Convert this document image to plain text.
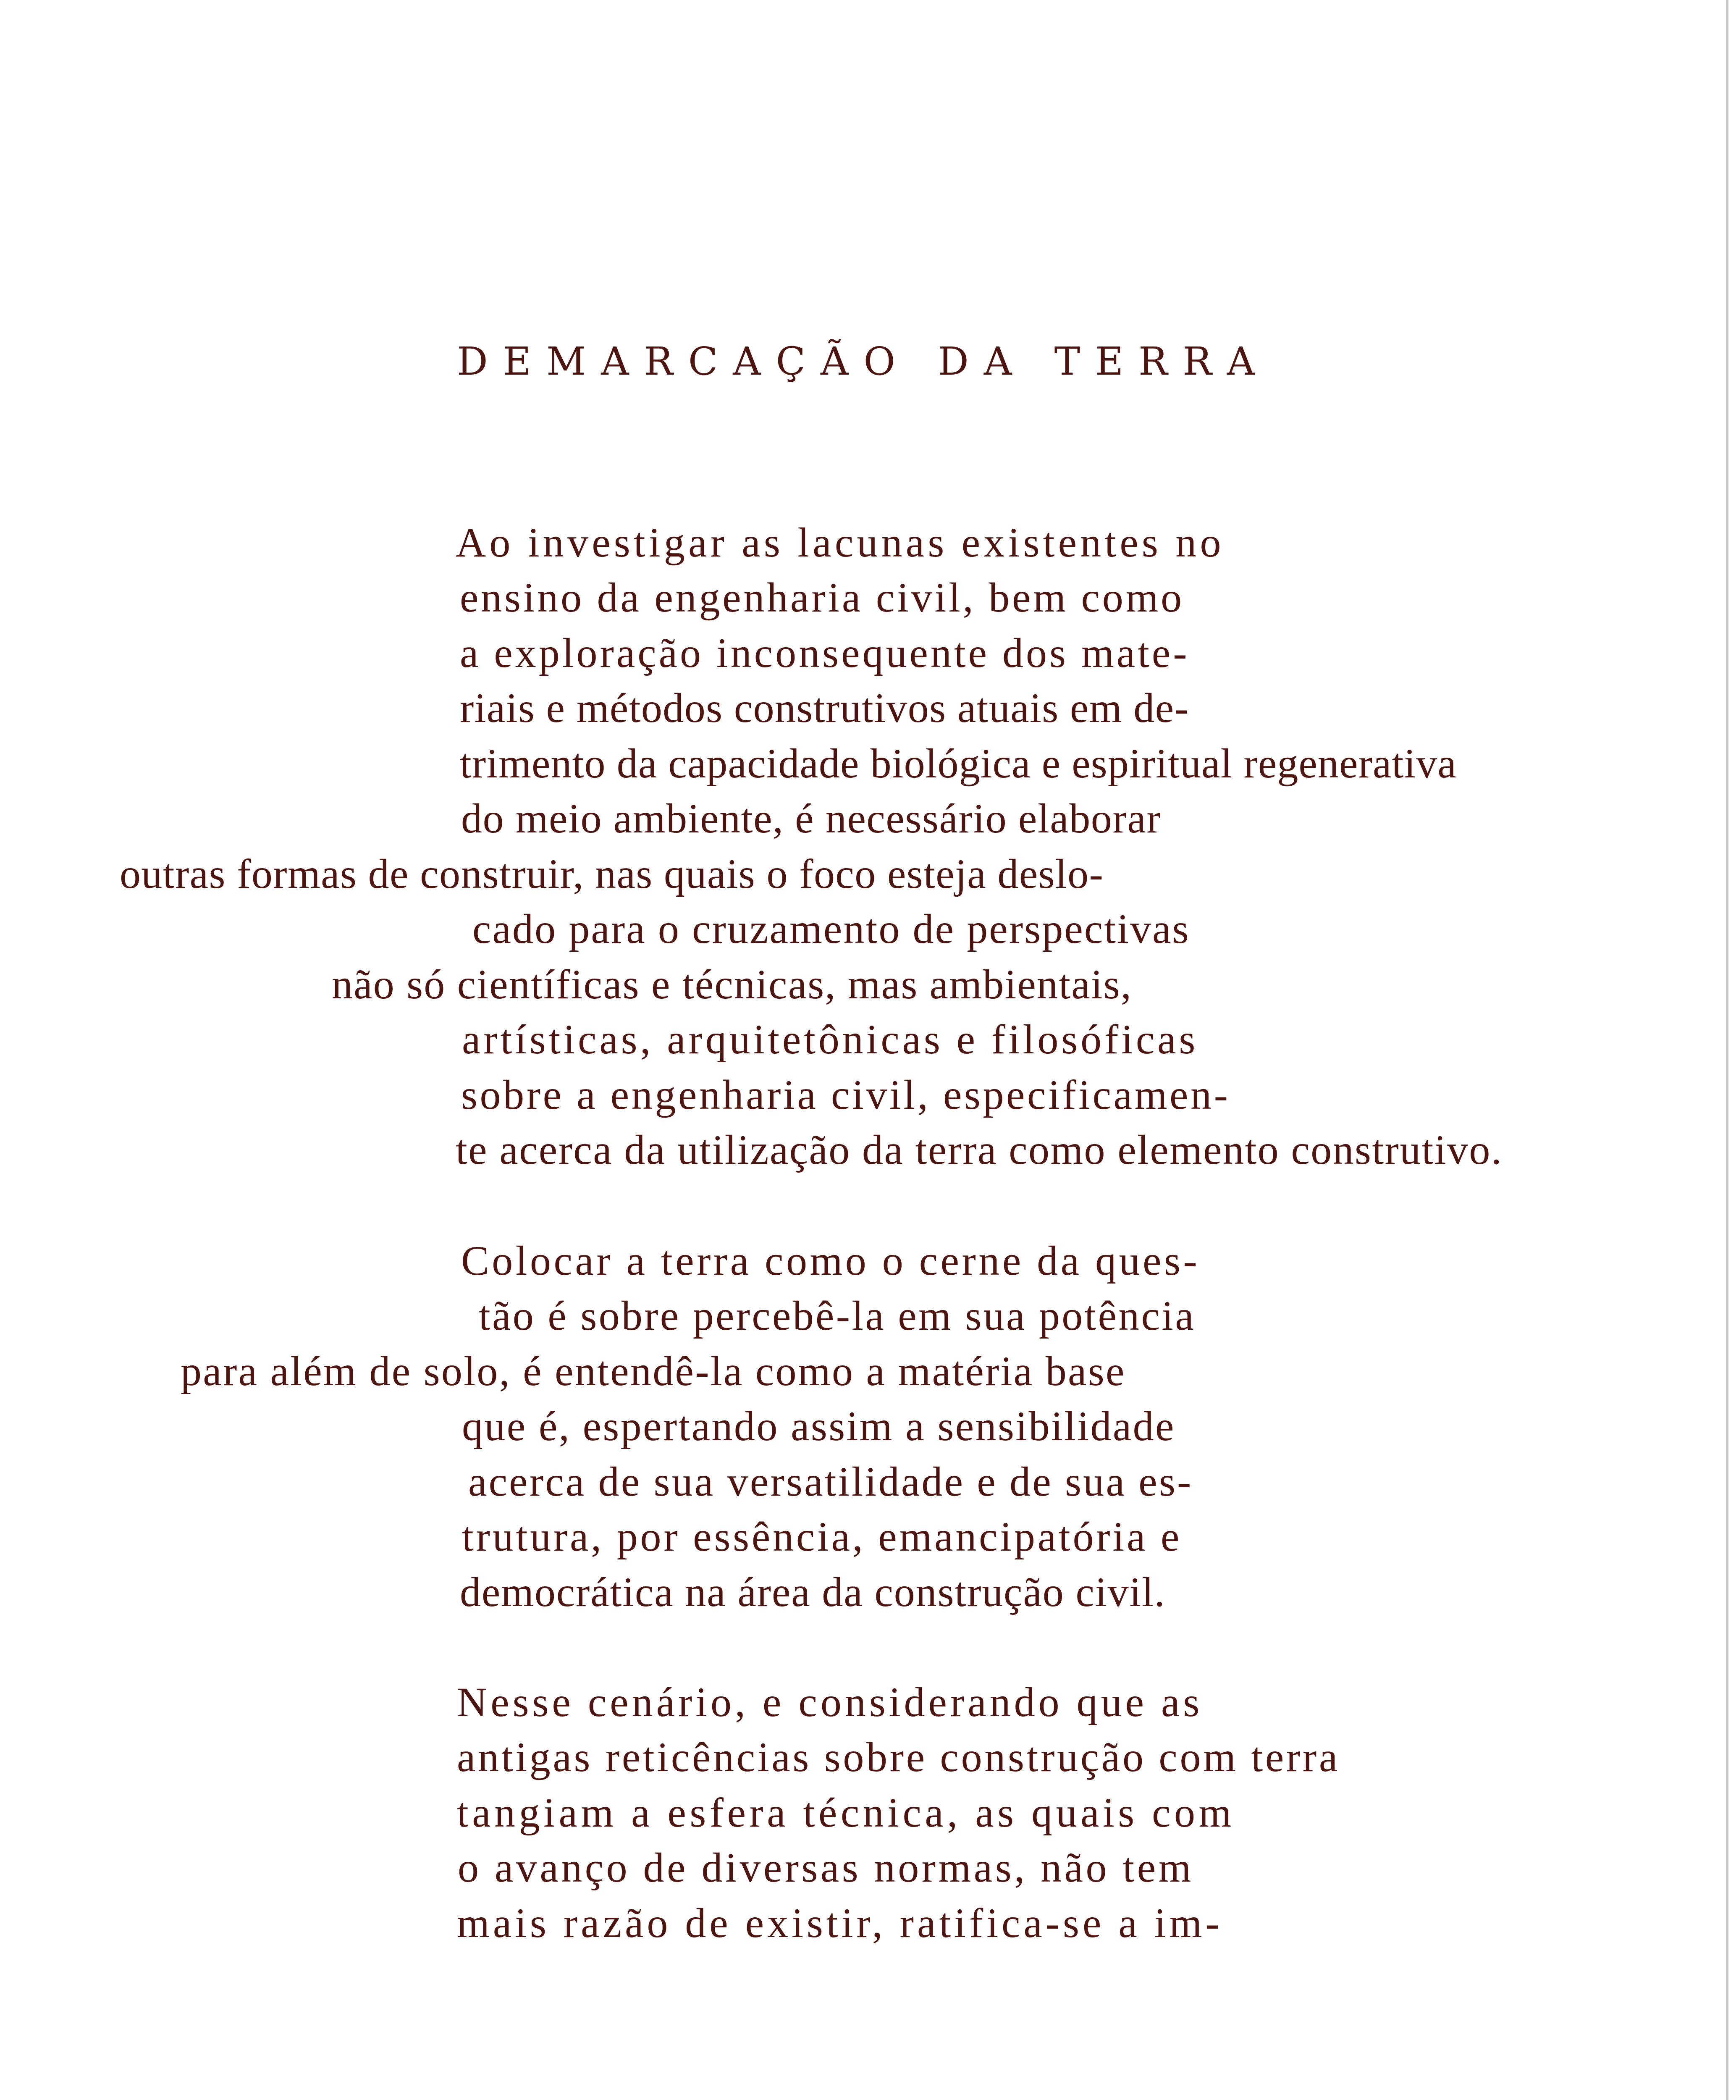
DEMARCAÇÃO DA TERRA

Ao investigar as lacunas existentes no

ensino da engenharia civil, bem como

a exploração inconsequente dos mate-

riais e métodos construtivos atuais em de-

trimento da capacidade biológica e espiritual regenerativa

do meio ambiente, é necessário elaborar

outras formas de construir, nas quais o foco esteja deslo-

cado para o cruzamento de perspectivas

não só científicas e técnicas, mas ambientais,

artísticas, arquitetônicas e filosóficas

sobre a engenharia civil, especificamen-

te acerca da utilização da terra como elemento construtivo.

Colocar a terra como o cerne da ques-

tão é sobre percebê-la em sua potência

para além de solo, é entendê-la como a matéria base

que é, espertando assim a sensibilidade

acerca de sua versatilidade e de sua es-

trutura, por essência, emancipatória e

democrática na área da construção civil.

Nesse cenário, e considerando que as

antigas reticências sobre construção com terra

tangiam a esfera técnica, as quais com

o avanço de diversas normas, não tem

mais razão de existir, ratifica-se a im-
